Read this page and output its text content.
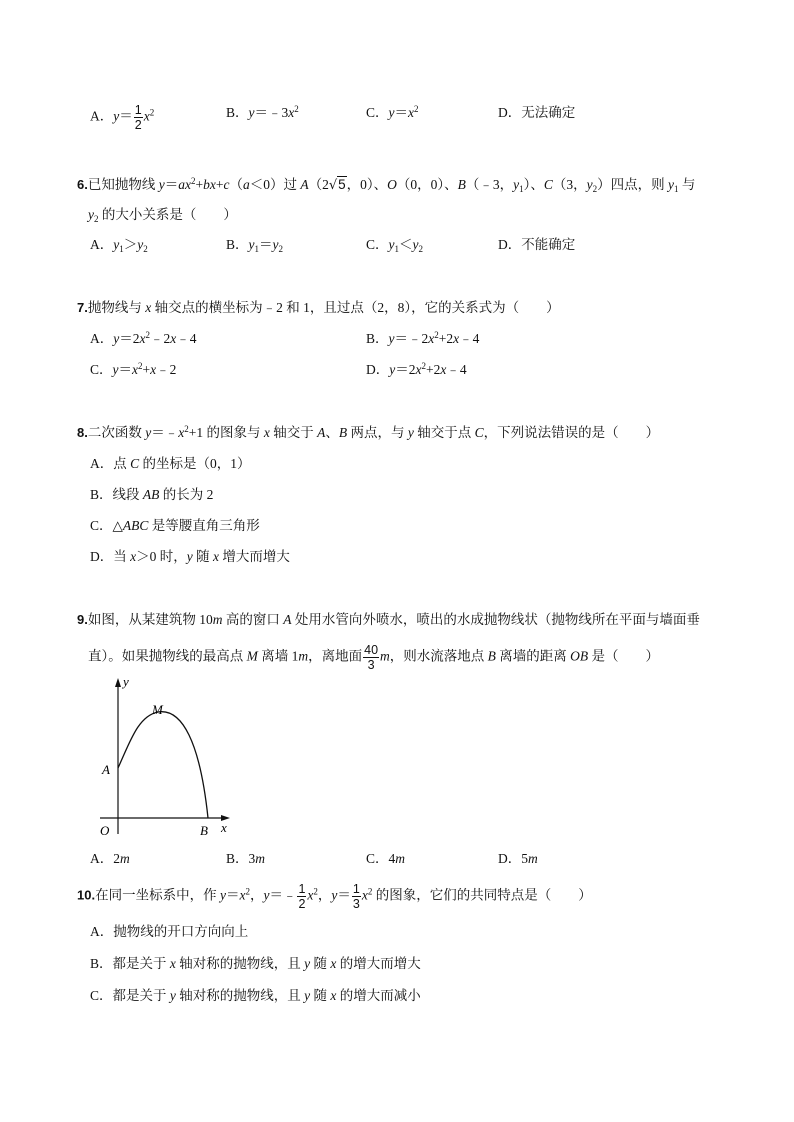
A．$y= \frac{1}{2} x^2$	B．$y=﹣3x^2$	C．$y=x^2$	D．无法确定
6.已知抛物线 $y=ax^2+bx+c(a<0)$过 A（2√5，0）、O（0，0）、B（﹣3，$y_1$）、C（3，$y_2$）四点，则 $y_1$ 与
$y_2$ 的大小关系是（　　）
A．$y_1>y_2$	B．$y_1=y_2$	C．$y_1<y_2$	D．不能确定
7.抛物线与 x 轴交点的横坐标为﹣2 和 1，且过点（2，8），它的关系式为（　　）
A．$y=2x^2﹣2x﹣4$	B．$y=﹣2x^2+2x﹣4$
C．$y=x^2+x﹣2$	D．$y=2x^2+2x﹣4$
8.二次函数 $y=﹣x^2+1$ 的图象与 x 轴交于 A、B 两点，与 y 轴交于点 C，下列说法错误的是（　　）
A．点 C 的坐标是（0，1）
B．线段 AB 的长为 2
C．△ABC 是等腰直角三角形
D．当 x＞0 时，y 随 x 增大而增大
9.如图，从某建筑物 10m 高的窗口 A 处用水管向外喷水，喷出的水成抛物线状（抛物线所在平面与墙面垂
直）。如果抛物线的最高点 M 离墙 1m，离地面 $\frac{40}{3}$ m，则水流落地点 B 离墙的距离 OB 是（　　）
y
x
M
A
O	B
A．2m	B．3m	C．4m	D．5m
10.在同一坐标系中，作 $y=x^2$，y＝﹣ $\frac{1}{2} x^2$，$y= \frac{1}{3} x^2$ 的图象，它们的共同特点是（　　）
A．抛物线的开口方向向上
B．都是关于 x 轴对称的抛物线，且 y 随 x 的增大而增大
C．都是关于 y 轴对称的抛物线，且 y 随 x 的增大而减小
